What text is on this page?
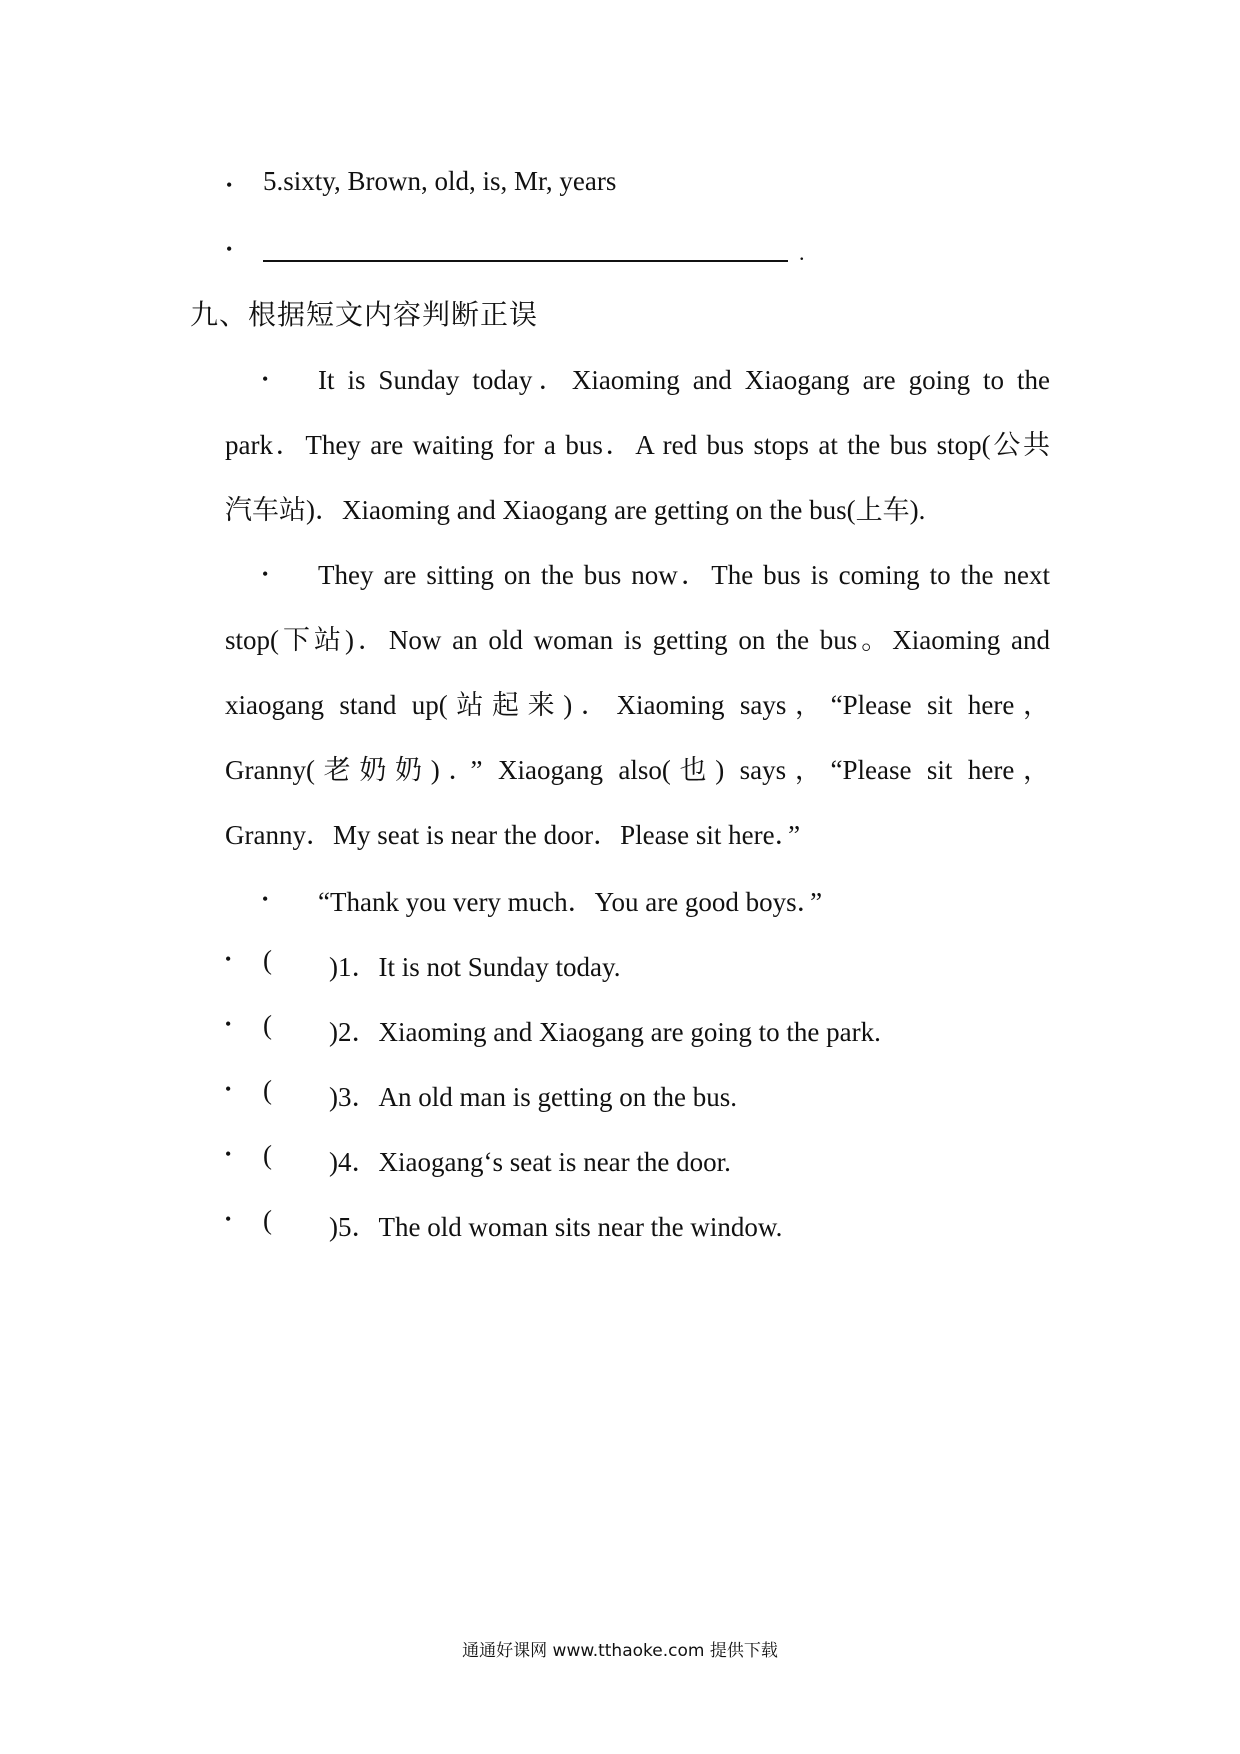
• 5.sixty, Brown, old, is, Mr, years
•	.
九、根据短文内容判断正误
•	It is Sunday today．Xiaoming and Xiaogang are going to the
park．They are waiting for a bus．A red bus stops at the bus stop(公共
汽车站)．Xiaoming and Xiaogang are getting on the bus(上车).
•	They are sitting on the bus now．The bus is coming to the next
stop(下站)．Now an old woman is getting on the bus。Xiaoming and
xiaogang stand up(站起来)．Xiaoming says，“Please sit here，
Granny(老奶奶)．” Xiaogang also(也) says，“Please sit here，
Granny．My seat is near the door．Please sit here．”
• “Thank you very much．You are good boys．”
• ( )1．It is not Sunday today.
• ( )2．Xiaoming and Xiaogang are going to the park.
• ( )3．An old man is getting on the bus.
• ( )4．Xiaogang‘s seat is near the door.
• ( )5．The old woman sits near the window.
通通好课网 www.tthaoke.com 提供下载
